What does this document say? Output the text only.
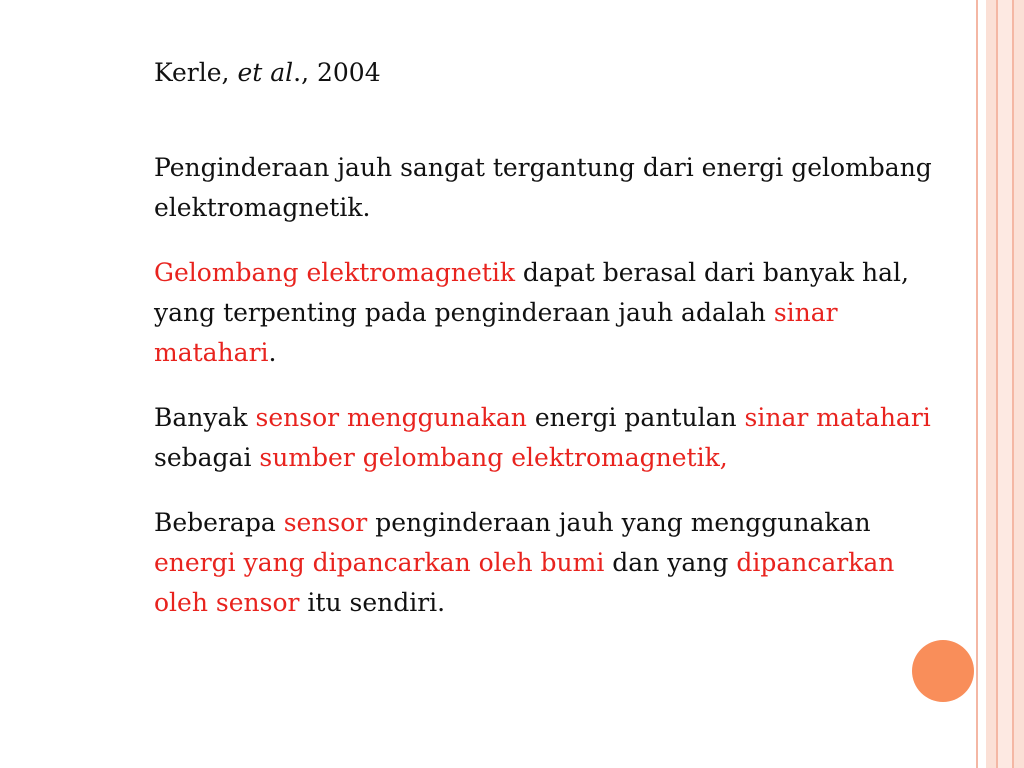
Kerle, et al., 2004

Penginderaan jauh sangat tergantung dari energi gelombang elektromagnetik.

Gelombang elektromagnetik dapat berasal dari banyak hal, yang terpenting pada penginderaan jauh adalah sinar matahari.

Banyak sensor menggunakan energi pantulan sinar matahari sebagai sumber gelombang elektromagnetik,

Beberapa sensor penginderaan jauh yang menggunakan energi yang dipancarkan oleh bumi dan yang dipancarkan oleh sensor itu sendiri.
